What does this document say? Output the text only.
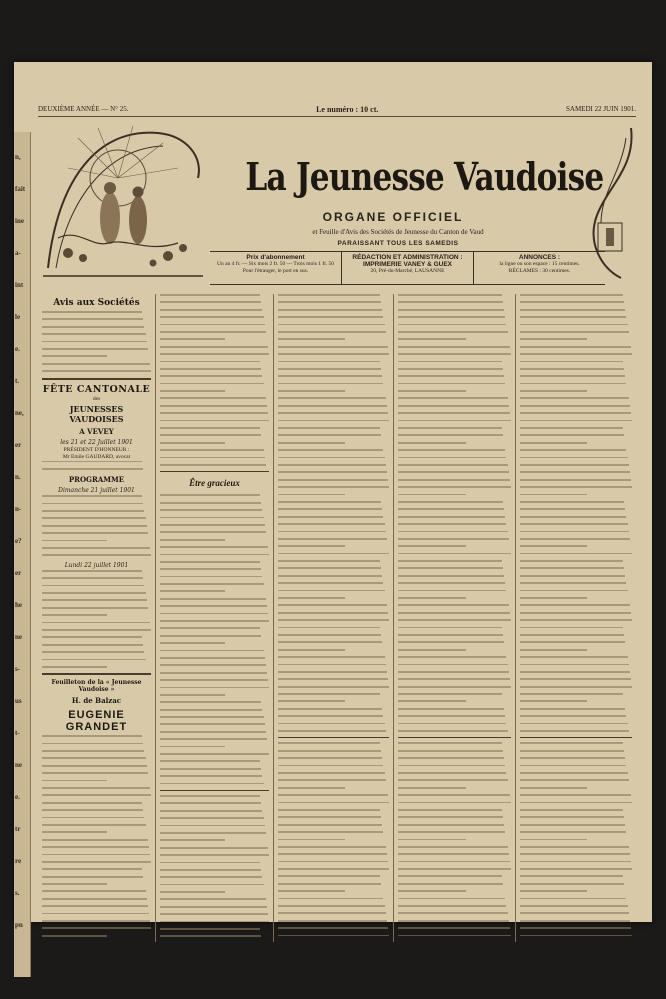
n,
fait
ine
a-
int
le
e.
t.
ne,
er
n.
n-
e?
er
he
ne
s-
us
t-
ne
e.
tr
re
s.
pn
DEUXIÈME ANNÉE — N° 25.	Le numéro : 10 ct.	SAMEDI 22 JUIN 1901.
La Jeunesse Vaudoise
ORGANE OFFICIEL
et Feuille d'Avis des Sociétés de Jeunesse du Canton de Vaud
PARAISSANT TOUS LES SAMEDIS
Prix d'abonnement
Un an 4 fr. — Six mois 2 fr. 50 — Trois mois 1 fr. 50
Pour l'étranger, le port en sus.
RÉDACTION ET ADMINISTRATION :
IMPRIMERIE VANEY & GUEX
20, Pré-du-Marché, LAUSANNE
ANNONCES :
la ligne ou son espace : 15 centimes.
RÉCLAMES : 30 centimes.
Avis aux Sociétés
FÊTE CANTONALE
des
JEUNESSES VAUDOISES
A VEVEY
les 21 et 22 Juillet 1901
PRÉSIDENT D'HONNEUR :
Mr Emile GAUDARD, avocat
PROGRAMME
Dimanche 21 juillet 1901
Lundi 22 juillet 1901
Feuilleton de la « Jeunesse Vaudoise »
H. de Balzac
EUGENIE GRANDET
Être gracieux
